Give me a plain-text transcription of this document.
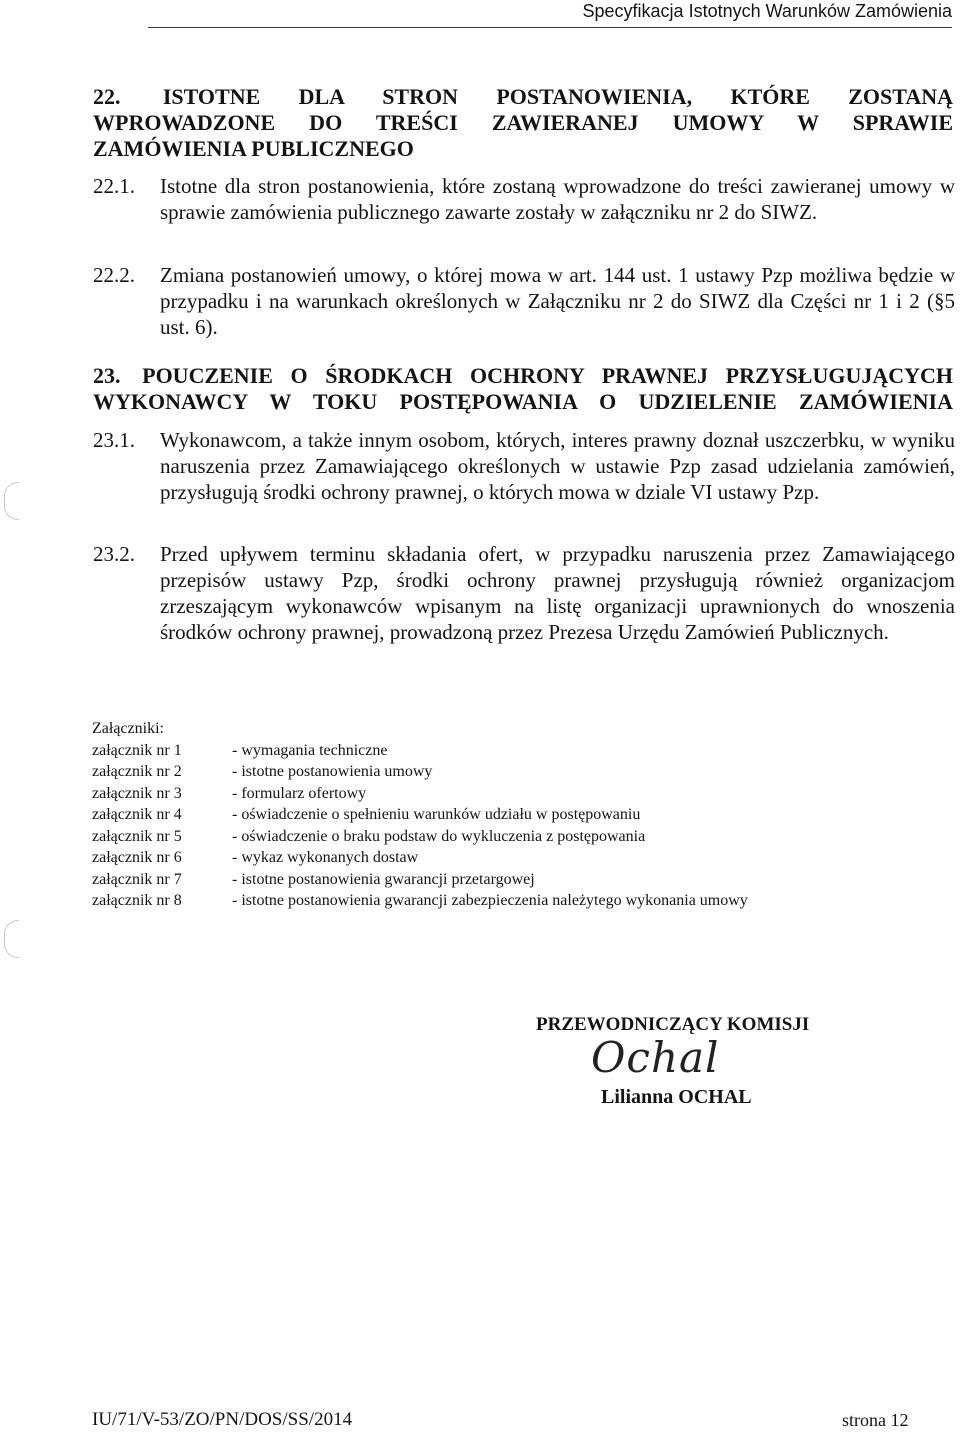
Specyfikacja Istotnych Warunków Zamówienia
22. ISTOTNE DLA STRON POSTANOWIENIA, KTÓRE ZOSTANĄ
WPROWADZONE DO TREŚCI ZAWIERANEJ UMOWY W SPRAWIE
ZAMÓWIENIA PUBLICZNEGO
22.1. Istotne dla stron postanowienia, które zostaną wprowadzone do treści zawieranej umowy w sprawie zamówienia publicznego zawarte zostały w załączniku nr 2 do SIWZ.
22.2. Zmiana postanowień umowy, o której mowa w art. 144 ust. 1 ustawy Pzp możliwa będzie w przypadku i na warunkach określonych w Załączniku nr 2 do SIWZ dla Części nr 1 i 2 (§5 ust. 6).
23. POUCZENIE O ŚRODKACH OCHRONY PRAWNEJ PRZYSŁUGUJĄCYCH
WYKONAWCY W TOKU POSTĘPOWANIA O UDZIELENIE ZAMÓWIENIA
23.1. Wykonawcom, a także innym osobom, których, interes prawny doznał uszczerbku, w wyniku naruszenia przez Zamawiającego określonych w ustawie Pzp zasad udzielania zamówień, przysługują środki ochrony prawnej, o których mowa w dziale VI ustawy Pzp.
23.2. Przed upływem terminu składania ofert, w przypadku naruszenia przez Zamawiającego przepisów ustawy Pzp, środki ochrony prawnej przysługują również organizacjom zrzeszającym wykonawców wpisanym na listę organizacji uprawnionych do wnoszenia środków ochrony prawnej, prowadzoną przez Prezesa Urzędu Zamówień Publicznych.
Załączniki:
załącznik nr 1	- wymagania techniczne
załącznik nr 2	- istotne postanowienia umowy
załącznik nr 3	- formularz ofertowy
załącznik nr 4	- oświadczenie o spełnieniu warunków udziału w postępowaniu
załącznik nr 5	- oświadczenie o braku podstaw do wykluczenia z postępowania
załącznik nr 6	- wykaz wykonanych dostaw
załącznik nr 7	- istotne postanowienia gwarancji przetargowej
załącznik nr 8	- istotne postanowienia gwarancji zabezpieczenia należytego wykonania umowy
PRZEWODNICZĄCY KOMISJI
Ochal
Lilianna OCHAL
IU/71/V-53/ZO/PN/DOS/SS/2014	strona 12
